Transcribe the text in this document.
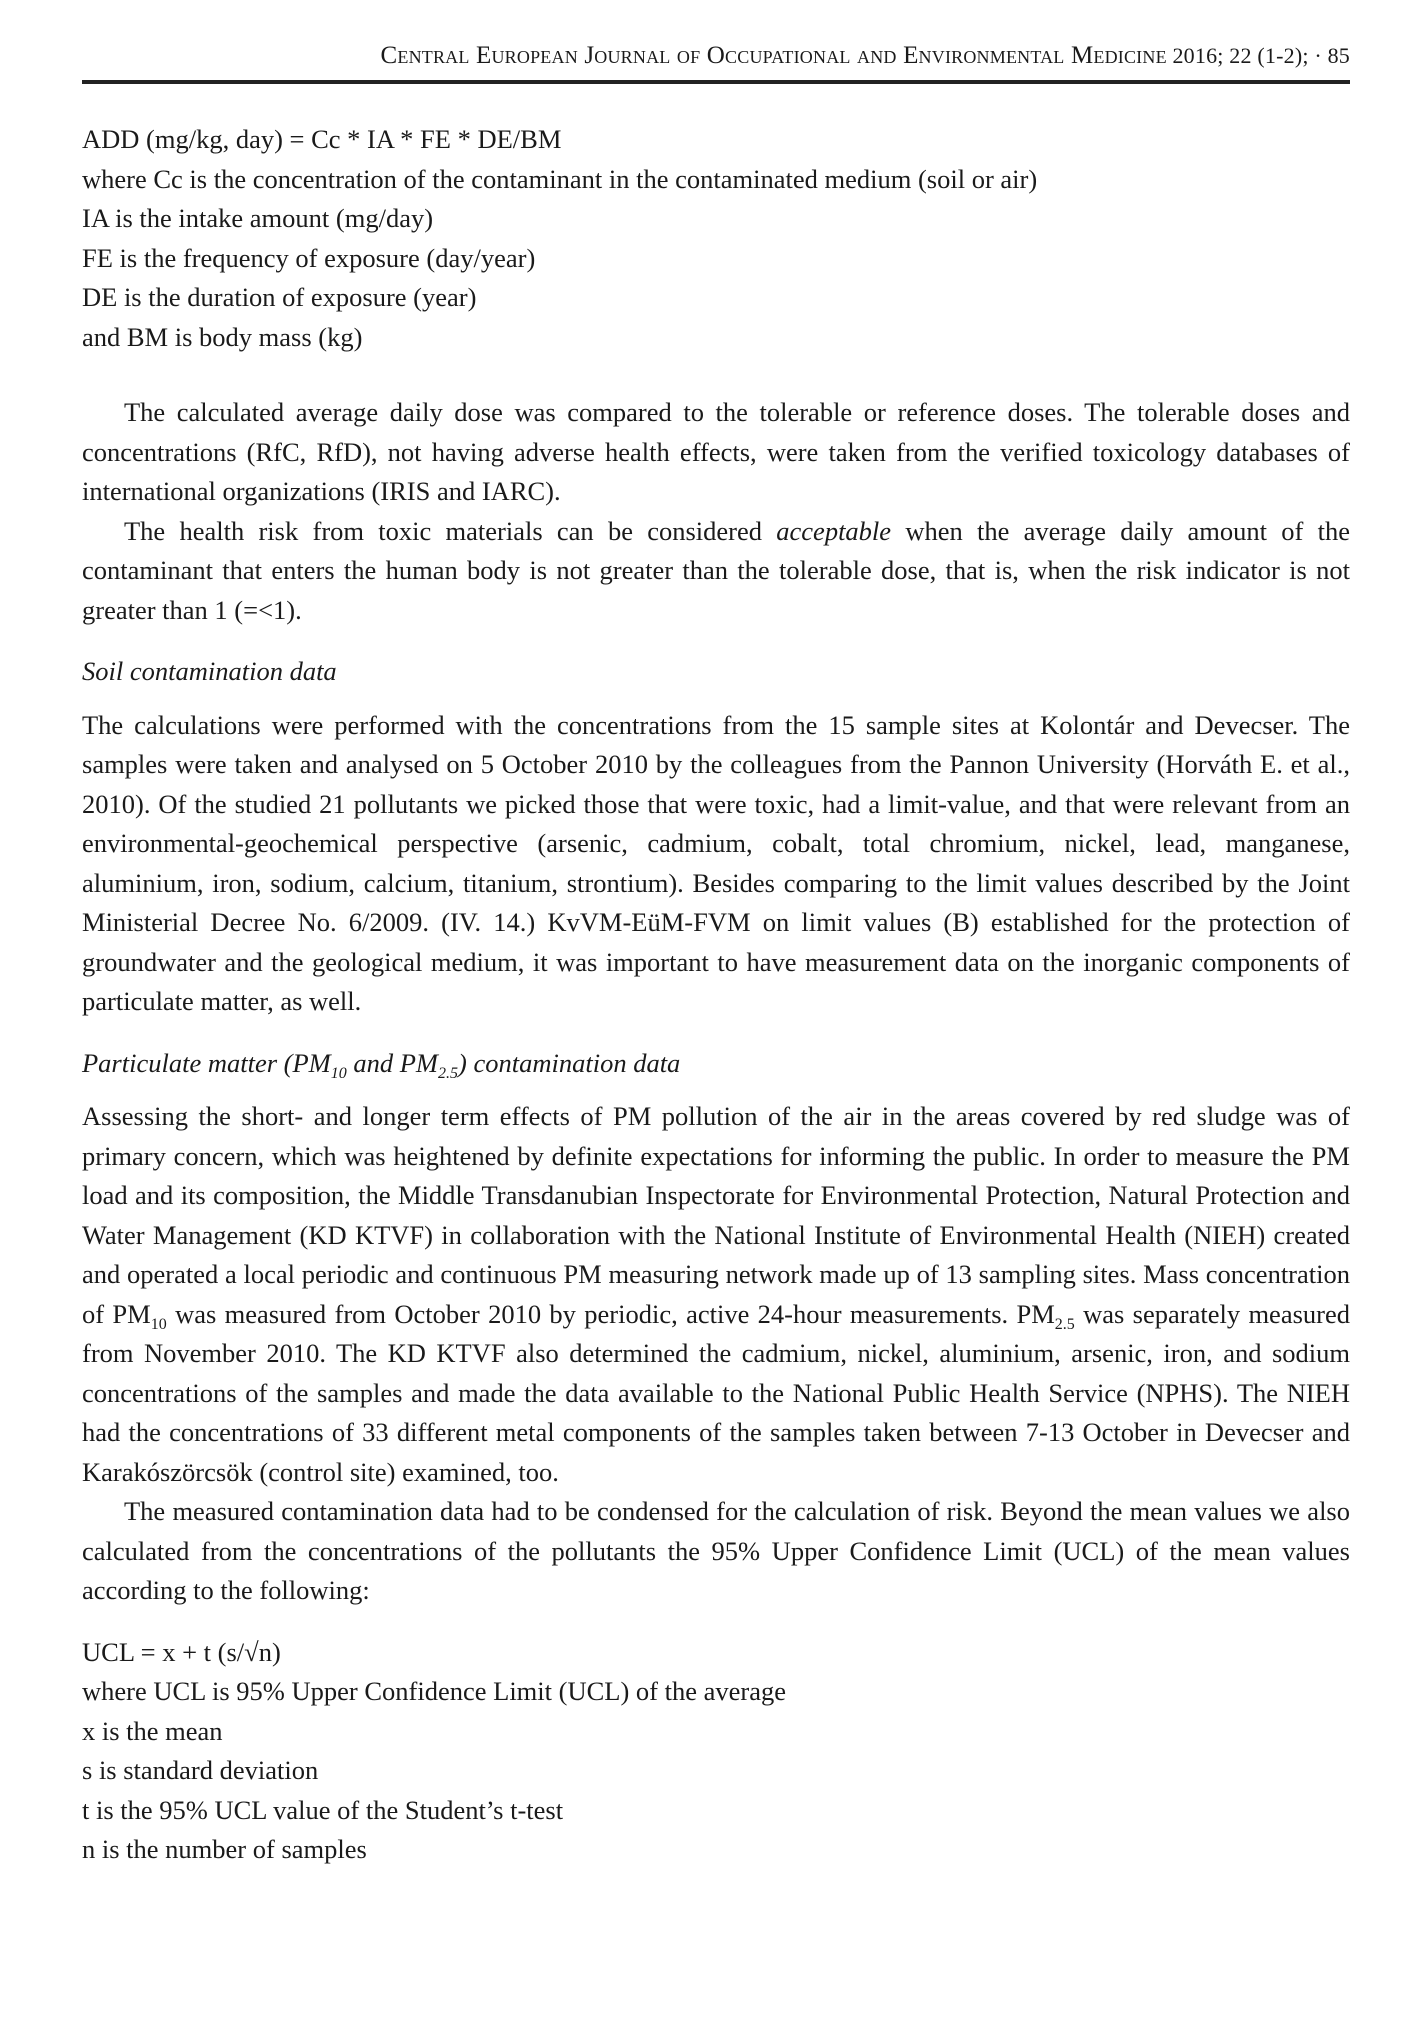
Central European Journal of Occupational and Environmental Medicine 2016; 22 (1-2); · 85
ADD (mg/kg, day) = Cc * IA * FE * DE/BM
where Cc is the concentration of the contaminant in the contaminated medium (soil or air)
IA is the intake amount (mg/day)
FE is the frequency of exposure (day/year)
DE is the duration of exposure (year)
and BM is body mass (kg)

The calculated average daily dose was compared to the tolerable or reference doses. The tolerable doses and concentrations (RfC, RfD), not having adverse health effects, were taken from the verified toxicology databases of international organizations (IRIS and IARC).

The health risk from toxic materials can be considered acceptable when the average daily amount of the contaminant that enters the human body is not greater than the tolerable dose, that is, when the risk indicator is not greater than 1 (=<1).

Soil contamination data

The calculations were performed with the concentrations from the 15 sample sites at Kolontár and Devecser. The samples were taken and analysed on 5 October 2010 by the colleagues from the Pannon University (Horváth E. et al., 2010). Of the studied 21 pollutants we picked those that were toxic, had a limit-value, and that were relevant from an environmental-geochemical perspective (arsenic, cadmium, cobalt, total chromium, nickel, lead, manganese, aluminium, iron, sodium, calcium, titanium, strontium). Besides comparing to the limit values described by the Joint Ministerial Decree No. 6/2009. (IV. 14.) KvVM-EüM-FVM on limit values (B) established for the protection of groundwater and the geological medium, it was important to have measurement data on the inorganic components of particulate matter, as well.

Particulate matter ($PM_{10}$ and $PM_{2.5}$) contamination data

Assessing the short- and longer term effects of PM pollution of the air in the areas covered by red sludge was of primary concern, which was heightened by definite expectations for informing the public. In order to measure the PM load and its composition, the Middle Transdanubian Inspectorate for Environmental Protection, Natural Protection and Water Management (KD KTVF) in collaboration with the National Institute of Environmental Health (NIEH) created and operated a local periodic and continuous PM measuring network made up of 13 sampling sites. Mass concentration of $PM_{10}$ was measured from October 2010 by periodic, active 24-hour measurements. $PM_{2.5}$ was separately measured from November 2010. The KD KTVF also determined the cadmium, nickel, aluminium, arsenic, iron, and sodium concentrations of the samples and made the data available to the National Public Health Service (NPHS). The NIEH had the concentrations of 33 different metal components of the samples taken between 7-13 October in Devecser and Karakószörcsök (control site) examined, too.

The measured contamination data had to be condensed for the calculation of risk. Beyond the mean values we also calculated from the concentrations of the pollutants the 95% Upper Confidence Limit (UCL) of the mean values according to the following:

UCL = x + t (s/√n)
where UCL is 95% Upper Confidence Limit (UCL) of the average
x is the mean
s is standard deviation
t is the 95% UCL value of the Student’s t-test
n is the number of samples
